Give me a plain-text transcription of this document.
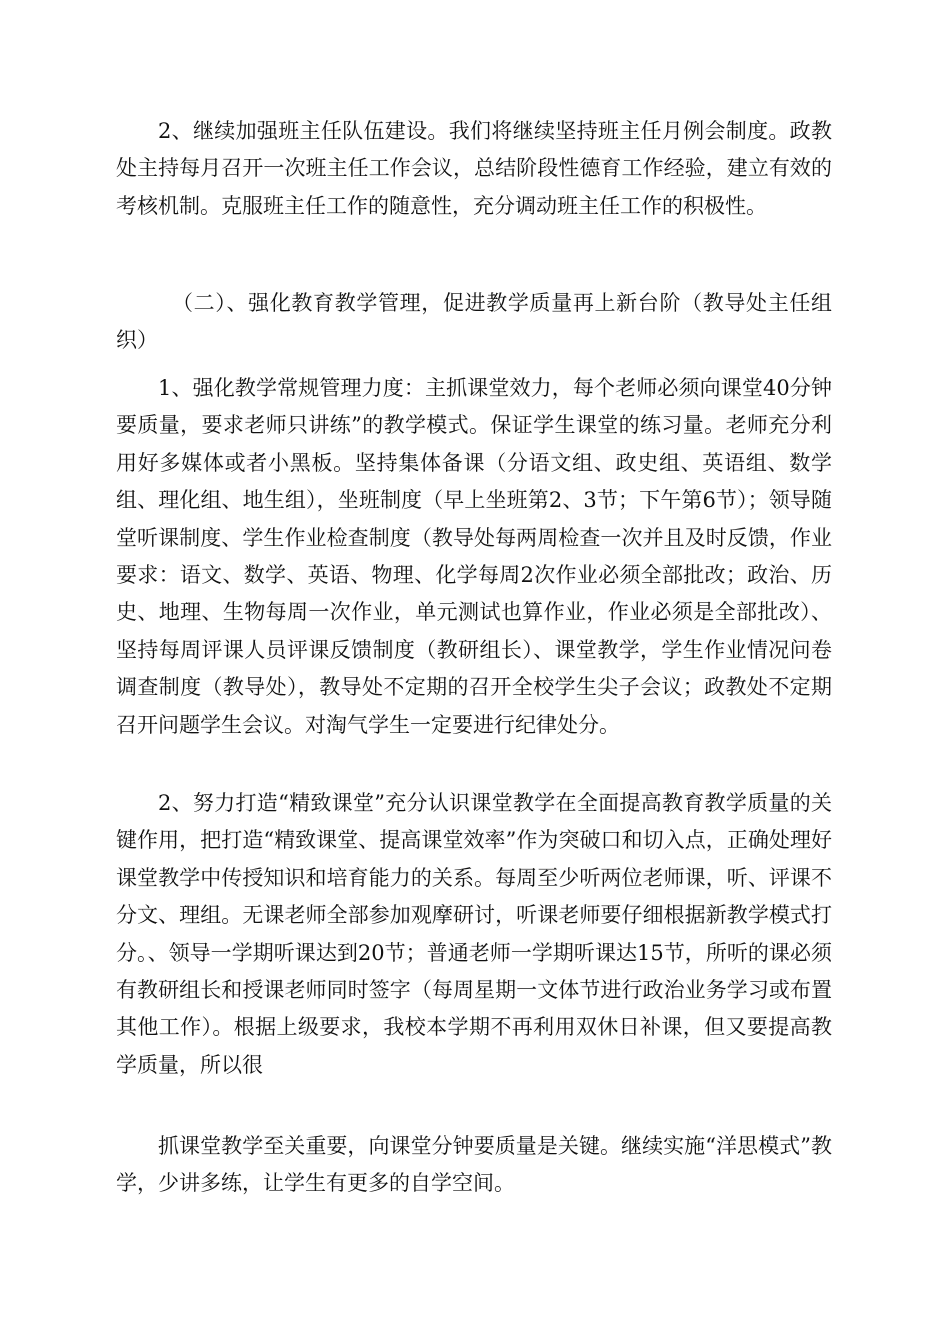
2、继续加强班主任队伍建设。我们将继续坚持班主任月例会制度。政教处主持每月召开一次班主任工作会议，总结阶段性德育工作经验，建立有效的考核机制。克服班主任工作的随意性，充分调动班主任工作的积极性。

（二）、强化教育教学管理，促进教学质量再上新台阶（教导处主任组织）

1、强化教学常规管理力度：主抓课堂效力，每个老师必须向课堂40分钟要质量，要求老师只讲练”的教学模式。保证学生课堂的练习量。老师充分利用好多媒体或者小黑板。坚持集体备课（分语文组、政史组、英语组、数学组、理化组、地生组），坐班制度（早上坐班第2、3节；下午第6节）；领导随堂听课制度、学生作业检查制度（教导处每两周检查一次并且及时反馈，作业要求：语文、数学、英语、物理、化学每周2次作业必须全部批改；政治、历史、地理、生物每周一次作业，单元测试也算作业，作业必须是全部批改）、坚持每周评课人员评课反馈制度（教研组长）、课堂教学，学生作业情况问卷调查制度（教导处），教导处不定期的召开全校学生尖子会议；政教处不定期召开问题学生会议。对淘气学生一定要进行纪律处分。

2、努力打造“精致课堂”充分认识课堂教学在全面提高教育教学质量的关键作用，把打造“精致课堂、提高课堂效率”作为突破口和切入点，正确处理好课堂教学中传授知识和培育能力的关系。每周至少听两位老师课，听、评课不分文、理组。无课老师全部参加观摩研讨，听课老师要仔细根据新教学模式打分。、领导一学期听课达到20节；普通老师一学期听课达15节，所听的课必须有教研组长和授课老师同时签字（每周星期一文体节进行政治业务学习或布置其他工作）。根据上级要求，我校本学期不再利用双休日补课，但又要提高教学质量，所以很

抓课堂教学至关重要，向课堂分钟要质量是关键。继续实施“洋思模式”教学，少讲多练，让学生有更多的自学空间。
